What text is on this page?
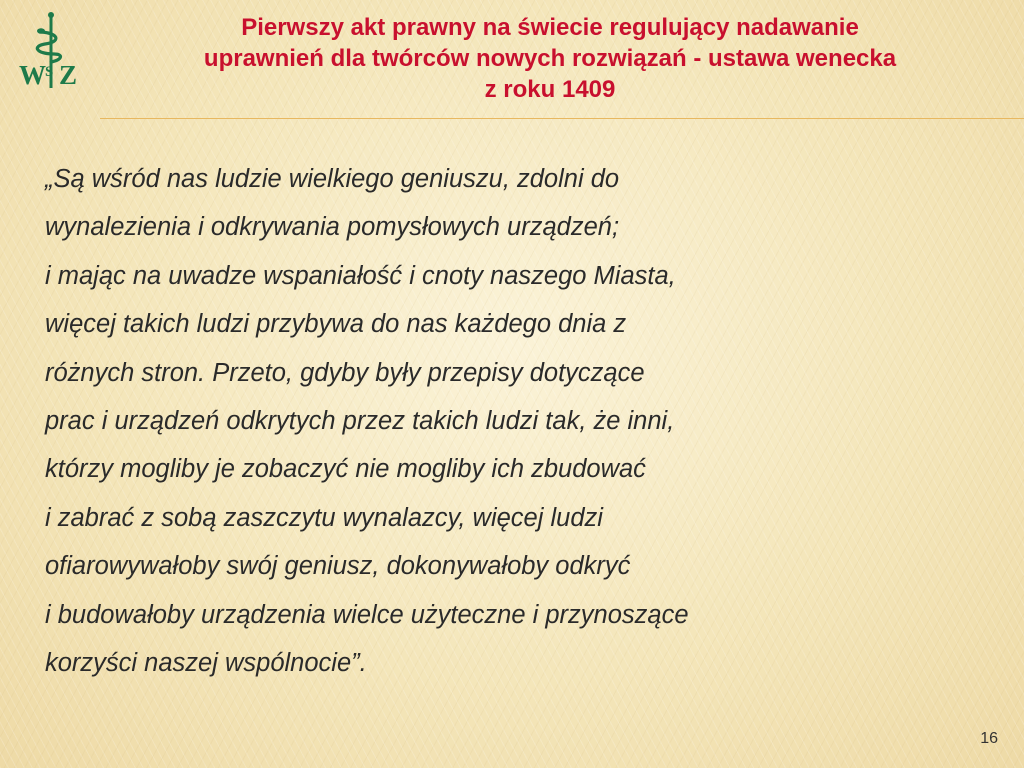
W Z
S
Pierwszy akt prawny na świecie regulujący nadawanie
uprawnień dla twórców nowych rozwiązań - ustawa wenecka
z roku 1409

„Są wśród nas ludzie wielkiego geniuszu, zdolni do
wynalezienia i odkrywania pomysłowych urządzeń;
i mając na uwadze wspaniałość i cnoty naszego Miasta,
więcej takich ludzi przybywa do nas każdego dnia z
różnych stron. Przeto, gdyby były przepisy dotyczące
prac i urządzeń odkrytych przez takich ludzi tak, że inni,
którzy mogliby je zobaczyć nie mogliby ich zbudować
i zabrać z sobą zaszczytu wynalazcy, więcej ludzi
ofiarowywałoby swój geniusz, dokonywałoby odkryć
i budowałoby urządzenia wielce użyteczne i przynoszące
korzyści naszej wspólnocie”.

16
